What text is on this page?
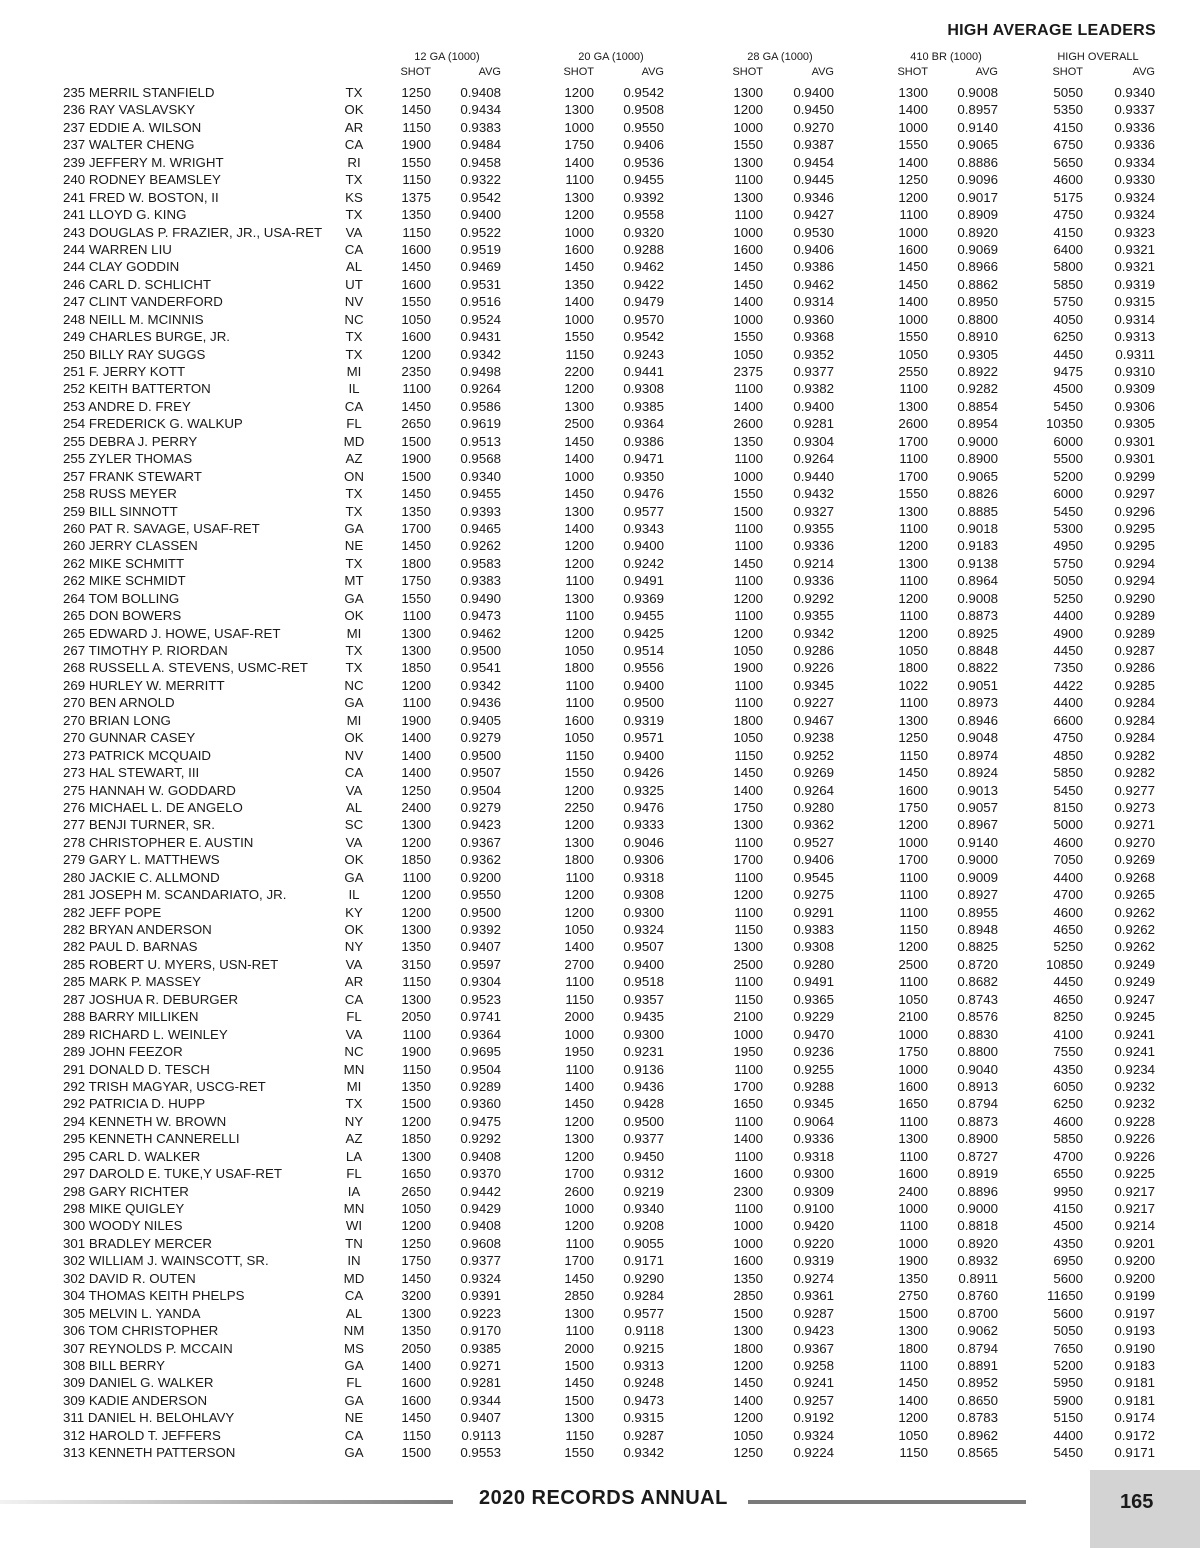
HIGH AVERAGE LEADERS
12 GA (1000)
SHOT	AVG
20 GA (1000)
SHOT	AVG
28 GA (1000)
SHOT	AVG
410 BR (1000)
SHOT	AVG
HIGH OVERALL
SHOT	AVG
235 MERRIL STANFIELD	TX	1250	0.9408	1200	0.9542	1300	0.9400	1300	0.9008	5050	0.9340
236 RAY VASLAVSKY	OK	1450	0.9434	1300	0.9508	1200	0.9450	1400	0.8957	5350	0.9337
237 EDDIE A. WILSON	AR	1150	0.9383	1000	0.9550	1000	0.9270	1000	0.9140	4150	0.9336
237 WALTER CHENG	CA	1900	0.9484	1750	0.9406	1550	0.9387	1550	0.9065	6750	0.9336
239 JEFFERY M. WRIGHT	RI	1550	0.9458	1400	0.9536	1300	0.9454	1400	0.8886	5650	0.9334
240 RODNEY BEAMSLEY	TX	1150	0.9322	1100	0.9455	1100	0.9445	1250	0.9096	4600	0.9330
241 FRED W. BOSTON, II	KS	1375	0.9542	1300	0.9392	1300	0.9346	1200	0.9017	5175	0.9324
241 LLOYD G. KING	TX	1350	0.9400	1200	0.9558	1100	0.9427	1100	0.8909	4750	0.9324
243 DOUGLAS P. FRAZIER, JR., USA-RET	VA	1150	0.9522	1000	0.9320	1000	0.9530	1000	0.8920	4150	0.9323
244 WARREN LIU	CA	1600	0.9519	1600	0.9288	1600	0.9406	1600	0.9069	6400	0.9321
244 CLAY GODDIN	AL	1450	0.9469	1450	0.9462	1450	0.9386	1450	0.8966	5800	0.9321
246 CARL D. SCHLICHT	UT	1600	0.9531	1350	0.9422	1450	0.9462	1450	0.8862	5850	0.9319
247 CLINT VANDERFORD	NV	1550	0.9516	1400	0.9479	1400	0.9314	1400	0.8950	5750	0.9315
248 NEILL M. MCINNIS	NC	1050	0.9524	1000	0.9570	1000	0.9360	1000	0.8800	4050	0.9314
249 CHARLES BURGE, JR.	TX	1600	0.9431	1550	0.9542	1550	0.9368	1550	0.8910	6250	0.9313
250 BILLY RAY SUGGS	TX	1200	0.9342	1150	0.9243	1050	0.9352	1050	0.9305	4450	0.9311
251 F. JERRY KOTT	MI	2350	0.9498	2200	0.9441	2375	0.9377	2550	0.8922	9475	0.9310
252 KEITH BATTERTON	IL	1100	0.9264	1200	0.9308	1100	0.9382	1100	0.9282	4500	0.9309
253 ANDRE D. FREY	CA	1450	0.9586	1300	0.9385	1400	0.9400	1300	0.8854	5450	0.9306
254 FREDERICK G. WALKUP	FL	2650	0.9619	2500	0.9364	2600	0.9281	2600	0.8954	10350	0.9305
255 DEBRA J. PERRY	MD	1500	0.9513	1450	0.9386	1350	0.9304	1700	0.9000	6000	0.9301
255 ZYLER THOMAS	AZ	1900	0.9568	1400	0.9471	1100	0.9264	1100	0.8900	5500	0.9301
257 FRANK STEWART	ON	1500	0.9340	1000	0.9350	1000	0.9440	1700	0.9065	5200	0.9299
258 RUSS MEYER	TX	1450	0.9455	1450	0.9476	1550	0.9432	1550	0.8826	6000	0.9297
259 BILL SINNOTT	TX	1350	0.9393	1300	0.9577	1500	0.9327	1300	0.8885	5450	0.9296
260 PAT R. SAVAGE, USAF-RET	GA	1700	0.9465	1400	0.9343	1100	0.9355	1100	0.9018	5300	0.9295
260 JERRY CLASSEN	NE	1450	0.9262	1200	0.9400	1100	0.9336	1200	0.9183	4950	0.9295
262 MIKE SCHMITT	TX	1800	0.9583	1200	0.9242	1450	0.9214	1300	0.9138	5750	0.9294
262 MIKE SCHMIDT	MT	1750	0.9383	1100	0.9491	1100	0.9336	1100	0.8964	5050	0.9294
264 TOM BOLLING	GA	1550	0.9490	1300	0.9369	1200	0.9292	1200	0.9008	5250	0.9290
265 DON BOWERS	OK	1100	0.9473	1100	0.9455	1100	0.9355	1100	0.8873	4400	0.9289
265 EDWARD J. HOWE, USAF-RET	MI	1300	0.9462	1200	0.9425	1200	0.9342	1200	0.8925	4900	0.9289
267 TIMOTHY P. RIORDAN	TX	1300	0.9500	1050	0.9514	1050	0.9286	1050	0.8848	4450	0.9287
268 RUSSELL A. STEVENS, USMC-RET	TX	1850	0.9541	1800	0.9556	1900	0.9226	1800	0.8822	7350	0.9286
269 HURLEY W. MERRITT	NC	1200	0.9342	1100	0.9400	1100	0.9345	1022	0.9051	4422	0.9285
270 BEN ARNOLD	GA	1100	0.9436	1100	0.9500	1100	0.9227	1100	0.8973	4400	0.9284
270 BRIAN LONG	MI	1900	0.9405	1600	0.9319	1800	0.9467	1300	0.8946	6600	0.9284
270 GUNNAR CASEY	OK	1400	0.9279	1050	0.9571	1050	0.9238	1250	0.9048	4750	0.9284
273 PATRICK MCQUAID	NV	1400	0.9500	1150	0.9400	1150	0.9252	1150	0.8974	4850	0.9282
273 HAL STEWART, III	CA	1400	0.9507	1550	0.9426	1450	0.9269	1450	0.8924	5850	0.9282
275 HANNAH W. GODDARD	VA	1250	0.9504	1200	0.9325	1400	0.9264	1600	0.9013	5450	0.9277
276 MICHAEL L. DE ANGELO	AL	2400	0.9279	2250	0.9476	1750	0.9280	1750	0.9057	8150	0.9273
277 BENJI TURNER, SR.	SC	1300	0.9423	1200	0.9333	1300	0.9362	1200	0.8967	5000	0.9271
278 CHRISTOPHER E. AUSTIN	VA	1200	0.9367	1300	0.9046	1100	0.9527	1000	0.9140	4600	0.9270
279 GARY L. MATTHEWS	OK	1850	0.9362	1800	0.9306	1700	0.9406	1700	0.9000	7050	0.9269
280 JACKIE C. ALLMOND	GA	1100	0.9200	1100	0.9318	1100	0.9545	1100	0.9009	4400	0.9268
281 JOSEPH M. SCANDARIATO, JR.	IL	1200	0.9550	1200	0.9308	1200	0.9275	1100	0.8927	4700	0.9265
282 JEFF POPE	KY	1200	0.9500	1200	0.9300	1100	0.9291	1100	0.8955	4600	0.9262
282 BRYAN ANDERSON	OK	1300	0.9392	1050	0.9324	1150	0.9383	1150	0.8948	4650	0.9262
282 PAUL D. BARNAS	NY	1350	0.9407	1400	0.9507	1300	0.9308	1200	0.8825	5250	0.9262
285 ROBERT U. MYERS, USN-RET	VA	3150	0.9597	2700	0.9400	2500	0.9280	2500	0.8720	10850	0.9249
285 MARK P. MASSEY	AR	1150	0.9304	1100	0.9518	1100	0.9491	1100	0.8682	4450	0.9249
287 JOSHUA R. DEBURGER	CA	1300	0.9523	1150	0.9357	1150	0.9365	1050	0.8743	4650	0.9247
288 BARRY MILLIKEN	FL	2050	0.9741	2000	0.9435	2100	0.9229	2100	0.8576	8250	0.9245
289 RICHARD L. WEINLEY	VA	1100	0.9364	1000	0.9300	1000	0.9470	1000	0.8830	4100	0.9241
289 JOHN FEEZOR	NC	1900	0.9695	1950	0.9231	1950	0.9236	1750	0.8800	7550	0.9241
291 DONALD D. TESCH	MN	1150	0.9504	1100	0.9136	1100	0.9255	1000	0.9040	4350	0.9234
292 TRISH MAGYAR, USCG-RET	MI	1350	0.9289	1400	0.9436	1700	0.9288	1600	0.8913	6050	0.9232
292 PATRICIA D. HUPP	TX	1500	0.9360	1450	0.9428	1650	0.9345	1650	0.8794	6250	0.9232
294 KENNETH W. BROWN	NY	1200	0.9475	1200	0.9500	1100	0.9064	1100	0.8873	4600	0.9228
295 KENNETH CANNERELLI	AZ	1850	0.9292	1300	0.9377	1400	0.9336	1300	0.8900	5850	0.9226
295 CARL D. WALKER	LA	1300	0.9408	1200	0.9450	1100	0.9318	1100	0.8727	4700	0.9226
297 DAROLD E. TUKE,Y USAF-RET	FL	1650	0.9370	1700	0.9312	1600	0.9300	1600	0.8919	6550	0.9225
298 GARY RICHTER	IA	2650	0.9442	2600	0.9219	2300	0.9309	2400	0.8896	9950	0.9217
298 MIKE QUIGLEY	MN	1050	0.9429	1000	0.9340	1100	0.9100	1000	0.9000	4150	0.9217
300 WOODY NILES	WI	1200	0.9408	1200	0.9208	1000	0.9420	1100	0.8818	4500	0.9214
301 BRADLEY MERCER	TN	1250	0.9608	1100	0.9055	1000	0.9220	1000	0.8920	4350	0.9201
302 WILLIAM J. WAINSCOTT, SR.	IN	1750	0.9377	1700	0.9171	1600	0.9319	1900	0.8932	6950	0.9200
302 DAVID R. OUTEN	MD	1450	0.9324	1450	0.9290	1350	0.9274	1350	0.8911	5600	0.9200
304 THOMAS KEITH PHELPS	CA	3200	0.9391	2850	0.9284	2850	0.9361	2750	0.8760	11650	0.9199
305 MELVIN L. YANDA	AL	1300	0.9223	1300	0.9577	1500	0.9287	1500	0.8700	5600	0.9197
306 TOM CHRISTOPHER	NM	1350	0.9170	1100	0.9118	1300	0.9423	1300	0.9062	5050	0.9193
307 REYNOLDS P. MCCAIN	MS	2050	0.9385	2000	0.9215	1800	0.9367	1800	0.8794	7650	0.9190
308 BILL BERRY	GA	1400	0.9271	1500	0.9313	1200	0.9258	1100	0.8891	5200	0.9183
309 DANIEL G. WALKER	FL	1600	0.9281	1450	0.9248	1450	0.9241	1450	0.8952	5950	0.9181
309 KADIE ANDERSON	GA	1600	0.9344	1500	0.9473	1400	0.9257	1400	0.8650	5900	0.9181
311 DANIEL H. BELOHLAVY	NE	1450	0.9407	1300	0.9315	1200	0.9192	1200	0.8783	5150	0.9174
312 HAROLD T. JEFFERS	CA	1150	0.9113	1150	0.9287	1050	0.9324	1050	0.8962	4400	0.9172
313 KENNETH PATTERSON	GA	1500	0.9553	1550	0.9342	1250	0.9224	1150	0.8565	5450	0.9171
2020 RECORDS ANNUAL	165
